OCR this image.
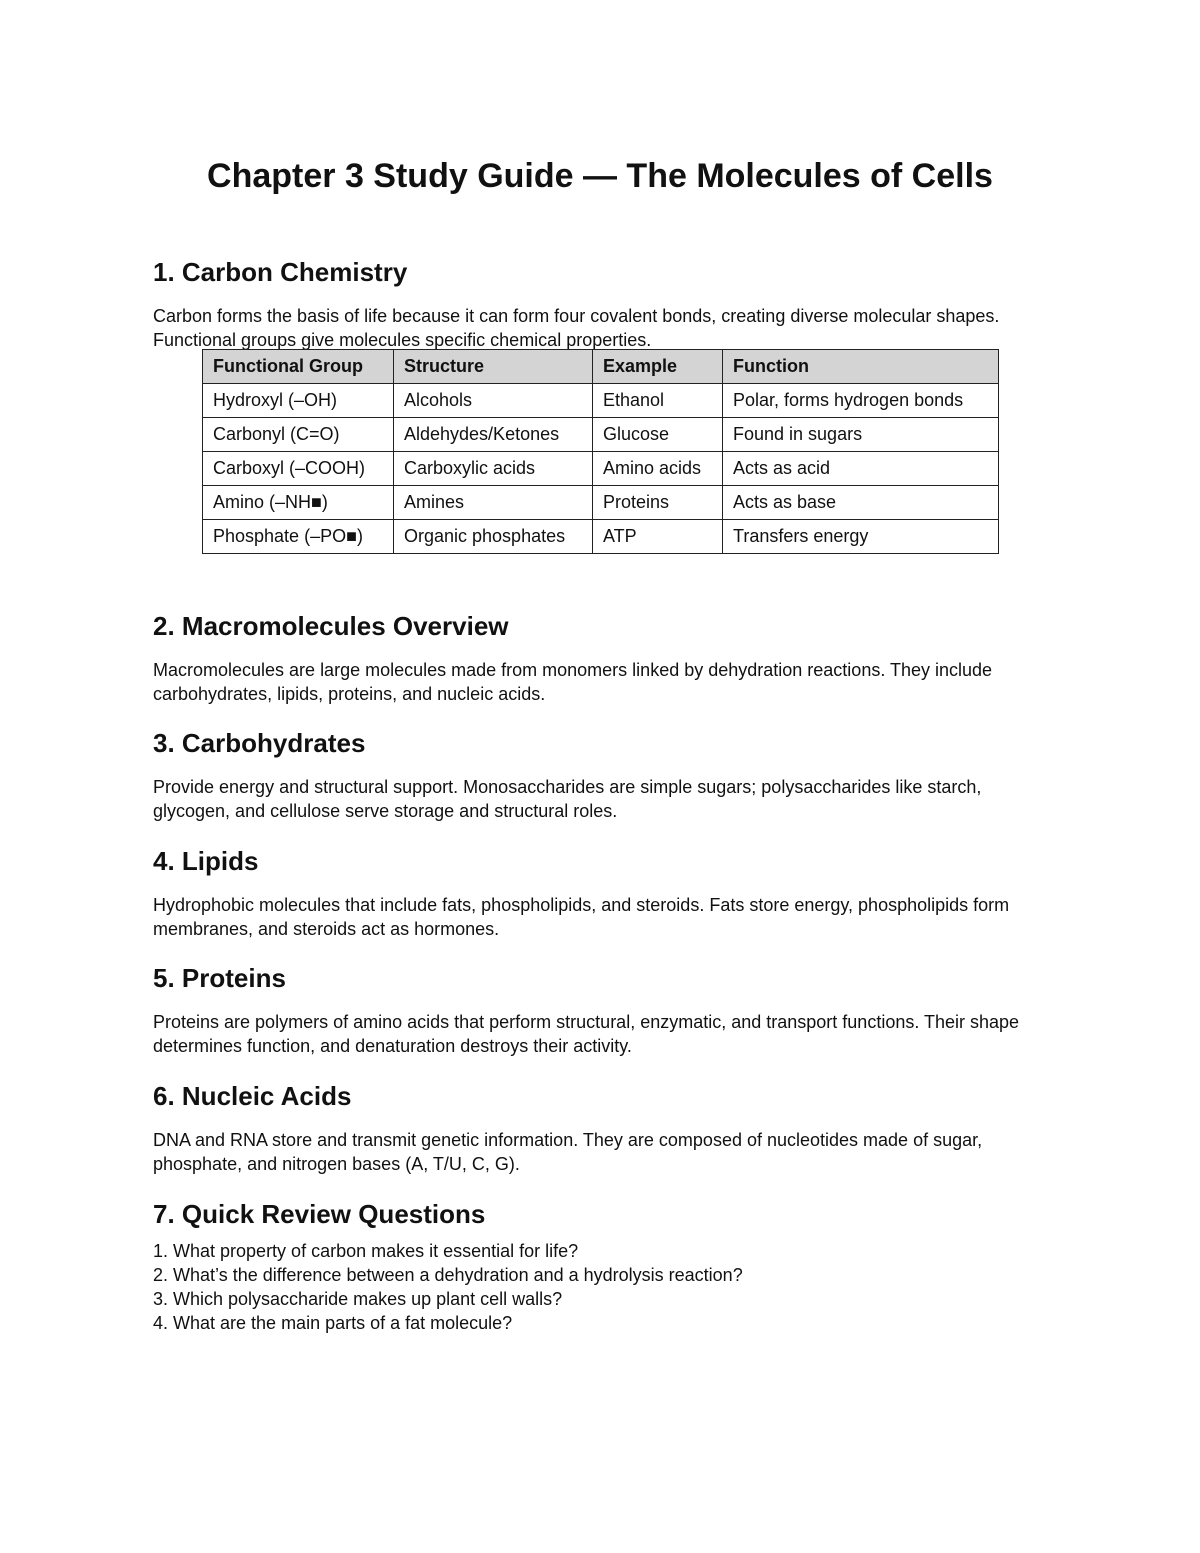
Chapter 3 Study Guide — The Molecules of Cells
1. Carbon Chemistry

Carbon forms the basis of life because it can form four covalent bonds, creating diverse molecular shapes. Functional groups give molecules specific chemical properties.

Functional Group	Structure	Example	Function
Hydroxyl (–OH)	Alcohols	Ethanol	Polar, forms hydrogen bonds
Carbonyl (C=O)	Aldehydes/Ketones	Glucose	Found in sugars
Carboxyl (–COOH)	Carboxylic acids	Amino acids	Acts as acid
Amino (–NH■)	Amines	Proteins	Acts as base
Phosphate (–PO■)	Organic phosphates	ATP	Transfers energy
2. Macromolecules Overview

Macromolecules are large molecules made from monomers linked by dehydration reactions. They include carbohydrates, lipids, proteins, and nucleic acids.

3. Carbohydrates

Provide energy and structural support. Monosaccharides are simple sugars; polysaccharides like starch, glycogen, and cellulose serve storage and structural roles.

4. Lipids

Hydrophobic molecules that include fats, phospholipids, and steroids. Fats store energy, phospholipids form membranes, and steroids act as hormones.

5. Proteins

Proteins are polymers of amino acids that perform structural, enzymatic, and transport functions. Their shape determines function, and denaturation destroys their activity.

6. Nucleic Acids

DNA and RNA store and transmit genetic information. They are composed of nucleotides made of sugar, phosphate, and nitrogen bases (A, T/U, C, G).

7. Quick Review Questions

1. What property of carbon makes it essential for life?

2. What’s the difference between a dehydration and a hydrolysis reaction?

3. Which polysaccharide makes up plant cell walls?

4. What are the main parts of a fat molecule?
